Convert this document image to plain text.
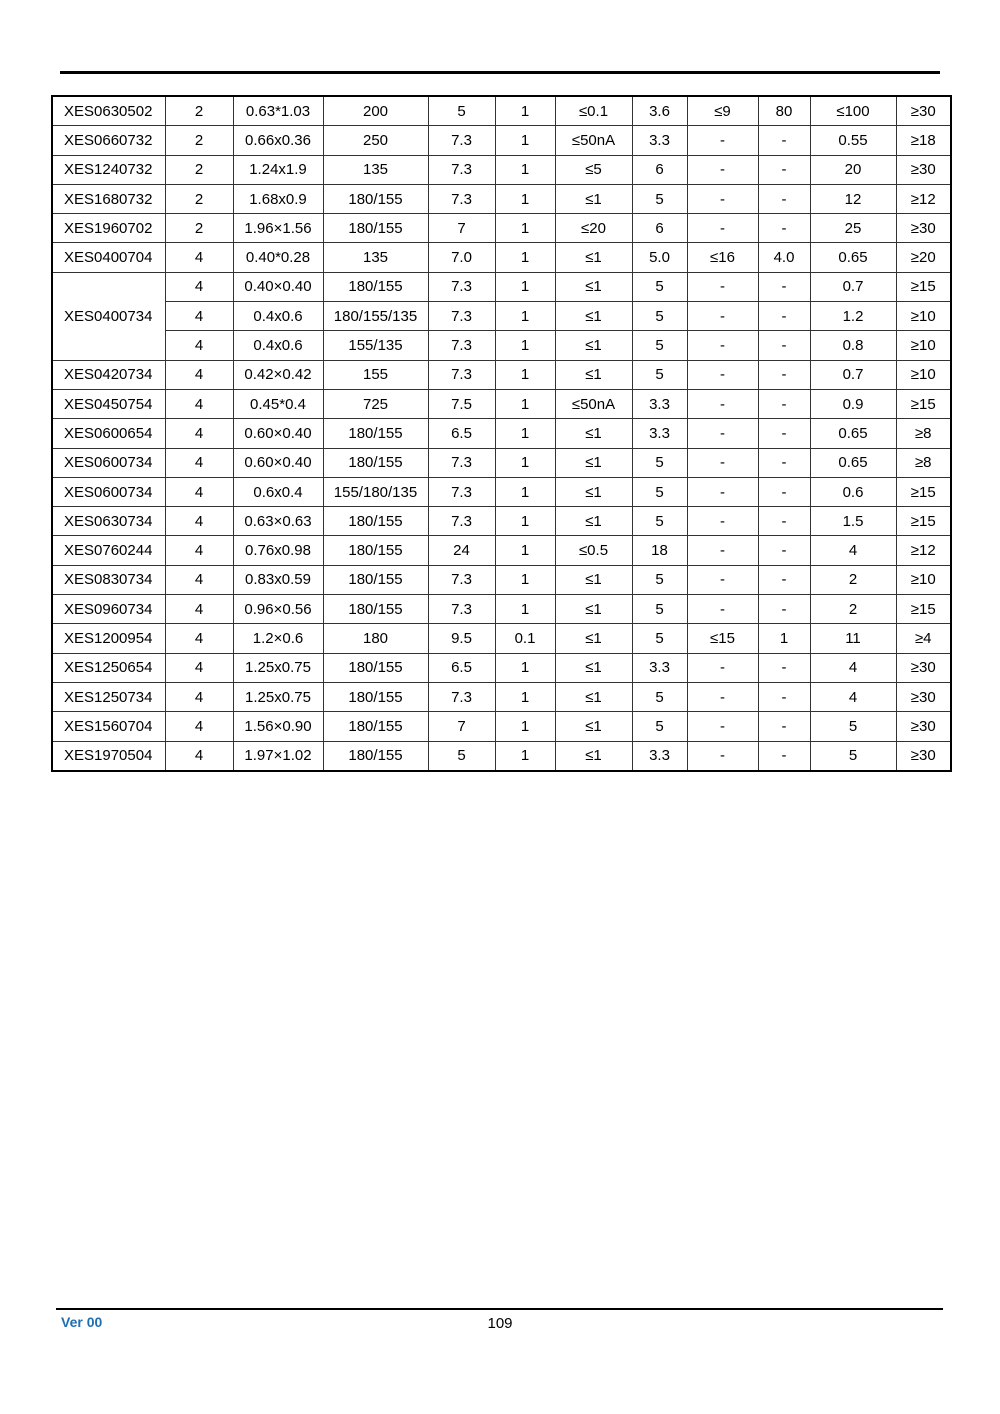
XES0630502	2	0.63*1.03	200	5	1	≤0.1	3.6	≤9	80	≤100	≥30
XES0660732	2	0.66x0.36	250	7.3	1	≤50nA	3.3	-	-	0.55	≥18
XES1240732	2	1.24x1.9	135	7.3	1	≤5	6	-	-	20	≥30
XES1680732	2	1.68x0.9	180/155	7.3	1	≤1	5	-	-	12	≥12
XES1960702	2	1.96×1.56	180/155	7	1	≤20	6	-	-	25	≥30
XES0400704	4	0.40*0.28	135	7.0	1	≤1	5.0	≤16	4.0	0.65	≥20
XES0400734	4	0.40×0.40	180/155	7.3	1	≤1	5	-	-	0.7	≥15
	4	0.4x0.6	180/155/135	7.3	1	≤1	5	-	-	1.2	≥10
	4	0.4x0.6	155/135	7.3	1	≤1	5	-	-	0.8	≥10
XES0420734	4	0.42×0.42	155	7.3	1	≤1	5	-	-	0.7	≥10
XES0450754	4	0.45*0.4	725	7.5	1	≤50nA	3.3	-	-	0.9	≥15
XES0600654	4	0.60×0.40	180/155	6.5	1	≤1	3.3	-	-	0.65	≥8
XES0600734	4	0.60×0.40	180/155	7.3	1	≤1	5	-	-	0.65	≥8
XES0600734	4	0.6x0.4	155/180/135	7.3	1	≤1	5	-	-	0.6	≥15
XES0630734	4	0.63×0.63	180/155	7.3	1	≤1	5	-	-	1.5	≥15
XES0760244	4	0.76x0.98	180/155	24	1	≤0.5	18	-	-	4	≥12
XES0830734	4	0.83x0.59	180/155	7.3	1	≤1	5	-	-	2	≥10
XES0960734	4	0.96×0.56	180/155	7.3	1	≤1	5	-	-	2	≥15
XES1200954	4	1.2×0.6	180	9.5	0.1	≤1	5	≤15	1	11	≥4
XES1250654	4	1.25x0.75	180/155	6.5	1	≤1	3.3	-	-	4	≥30
XES1250734	4	1.25x0.75	180/155	7.3	1	≤1	5	-	-	4	≥30
XES1560704	4	1.56×0.90	180/155	7	1	≤1	5	-	-	5	≥30
XES1970504	4	1.97×1.02	180/155	5	1	≤1	3.3	-	-	5	≥30
Ver 00	109
